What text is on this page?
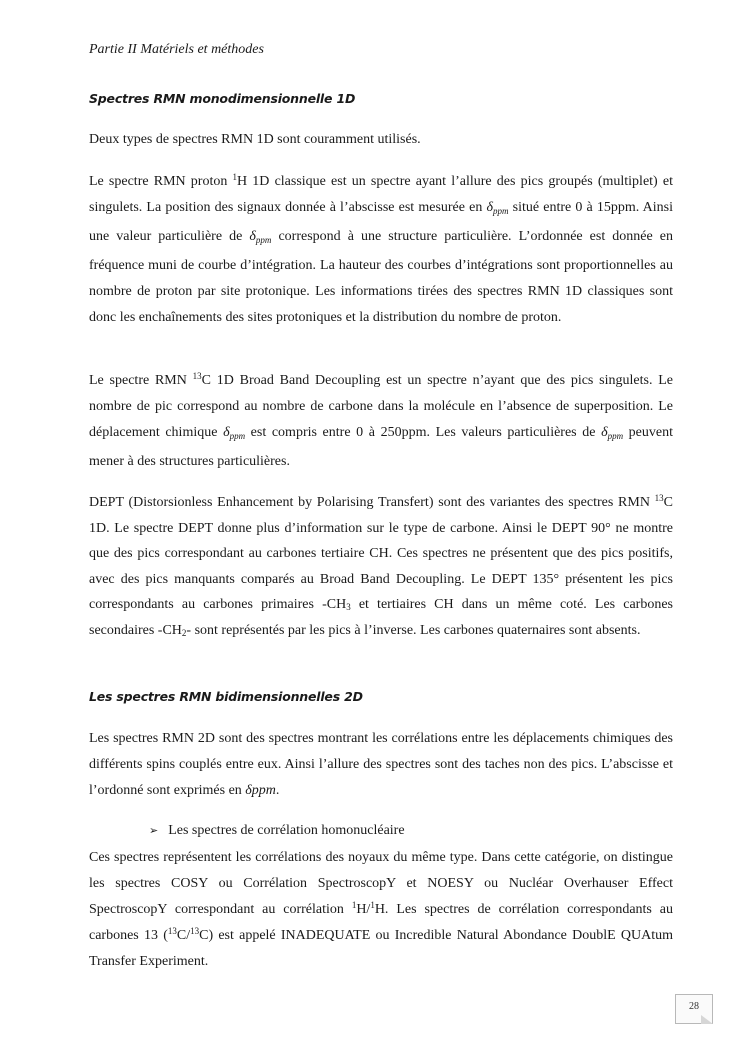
Partie II Matériels et méthodes
Spectres RMN monodimensionnelle 1D

Deux types de spectres RMN 1D sont couramment utilisés.

Le spectre RMN proton $^1$H 1D classique est un spectre ayant l’allure des pics groupés (multiplet) et singulets. La position des signaux donnée à l’abscisse est mesurée en $\delta_{ppm}$ situé entre 0 à 15ppm. Ainsi une valeur particulière de $\delta_{ppm}$ correspond à une structure particulière. L’ordonnée est donnée en fréquence muni de courbe d’intégration. La hauteur des courbes d’intégrations sont proportionnelles au nombre de proton par site protonique. Les informations tirées des spectres RMN 1D classiques sont donc les enchaînements des sites protoniques et la distribution du nombre de proton.

Le spectre RMN $^{13}$C 1D Broad Band Decoupling est un spectre n’ayant que des pics singulets. Le nombre de pic correspond au nombre de carbone dans la molécule en l’absence de superposition. Le déplacement chimique $\delta_{ppm}$ est compris entre 0 à 250ppm. Les valeurs particulières de $\delta_{ppm}$ peuvent mener à des structures particulières.

DEPT (Distorsionless Enhancement by Polarising Transfert) sont des variantes des spectres RMN $^{13}$C 1D. Le spectre DEPT donne plus d’information sur le type de carbone. Ainsi le DEPT 90° ne montre que des pics correspondant au carbones tertiaire CH. Ces spectres ne présentent que des pics positifs, avec des pics manquants comparés au Broad Band Decoupling. Le DEPT 135° présentent les pics correspondants au carbones primaires $-CH_3$ et tertiaires CH dans un même coté. Les carbones secondaires $-CH_2-$ sont représentés par les pics à l’inverse. Les carbones quaternaires sont absents.

Les spectres RMN bidimensionnelles 2D

Les spectres RMN 2D sont des spectres montrant les corrélations entre les déplacements chimiques des différents spins couplés entre eux. Ainsi l’allure des spectres sont des taches non des pics. L’abscisse et l’ordonné sont exprimés en δppm.

➢ Les spectres de corrélation homonucléaire

Ces spectres représentent les corrélations des noyaux du même type. Dans cette catégorie, on distingue les spectres COSY ou Corrélation SpectroscopY et NOESY ou Nucléar Overhauser Effect SpectroscopY correspondant au corrélation $^1$H/$^1$H. Les spectres de corrélation correspondants au carbones 13 ($^{13}$C/$^{13}$C) est appelé INADEQUATE ou Incredible Natural Abondance DoublE QUAtum Transfer Experiment.

28
